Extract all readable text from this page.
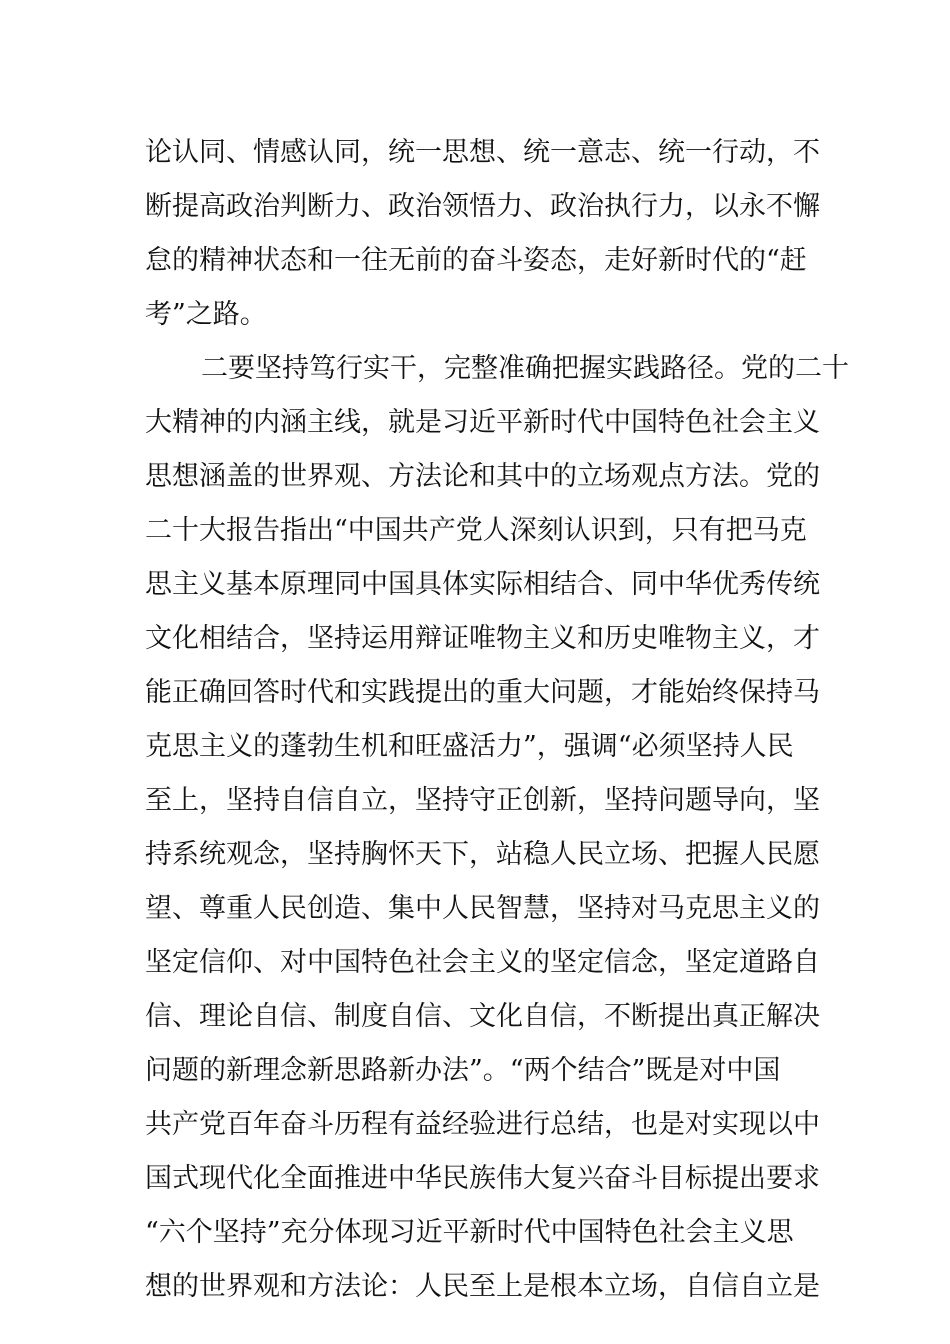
论认同、情感认同，统一思想、统一意志、统一行动，不
断提高政治判断力、政治领悟力、政治执行力，以永不懈
怠的精神状态和一往无前的奋斗姿态，走好新时代的“赶
考”之路。
二要坚持笃行实干，完整准确把握实践路径。党的二十
大精神的内涵主线，就是习近平新时代中国特色社会主义
思想涵盖的世界观、方法论和其中的立场观点方法。党的
二十大报告指出“中国共产党人深刻认识到，只有把马克
思主义基本原理同中国具体实际相结合、同中华优秀传统
文化相结合，坚持运用辩证唯物主义和历史唯物主义，才
能正确回答时代和实践提出的重大问题，才能始终保持马
克思主义的蓬勃生机和旺盛活力”，强调“必须坚持人民
至上，坚持自信自立，坚持守正创新，坚持问题导向，坚
持系统观念，坚持胸怀天下，站稳人民立场、把握人民愿
望、尊重人民创造、集中人民智慧，坚持对马克思主义的
坚定信仰、对中国特色社会主义的坚定信念，坚定道路自
信、理论自信、制度自信、文化自信，不断提出真正解决
问题的新理念新思路新办法”。“两个结合”既是对中国
共产党百年奋斗历程有益经验进行总结，也是对实现以中
国式现代化全面推进中华民族伟大复兴奋斗目标提出要求
“六个坚持”充分体现习近平新时代中国特色社会主义思
想的世界观和方法论：人民至上是根本立场，自信自立是
